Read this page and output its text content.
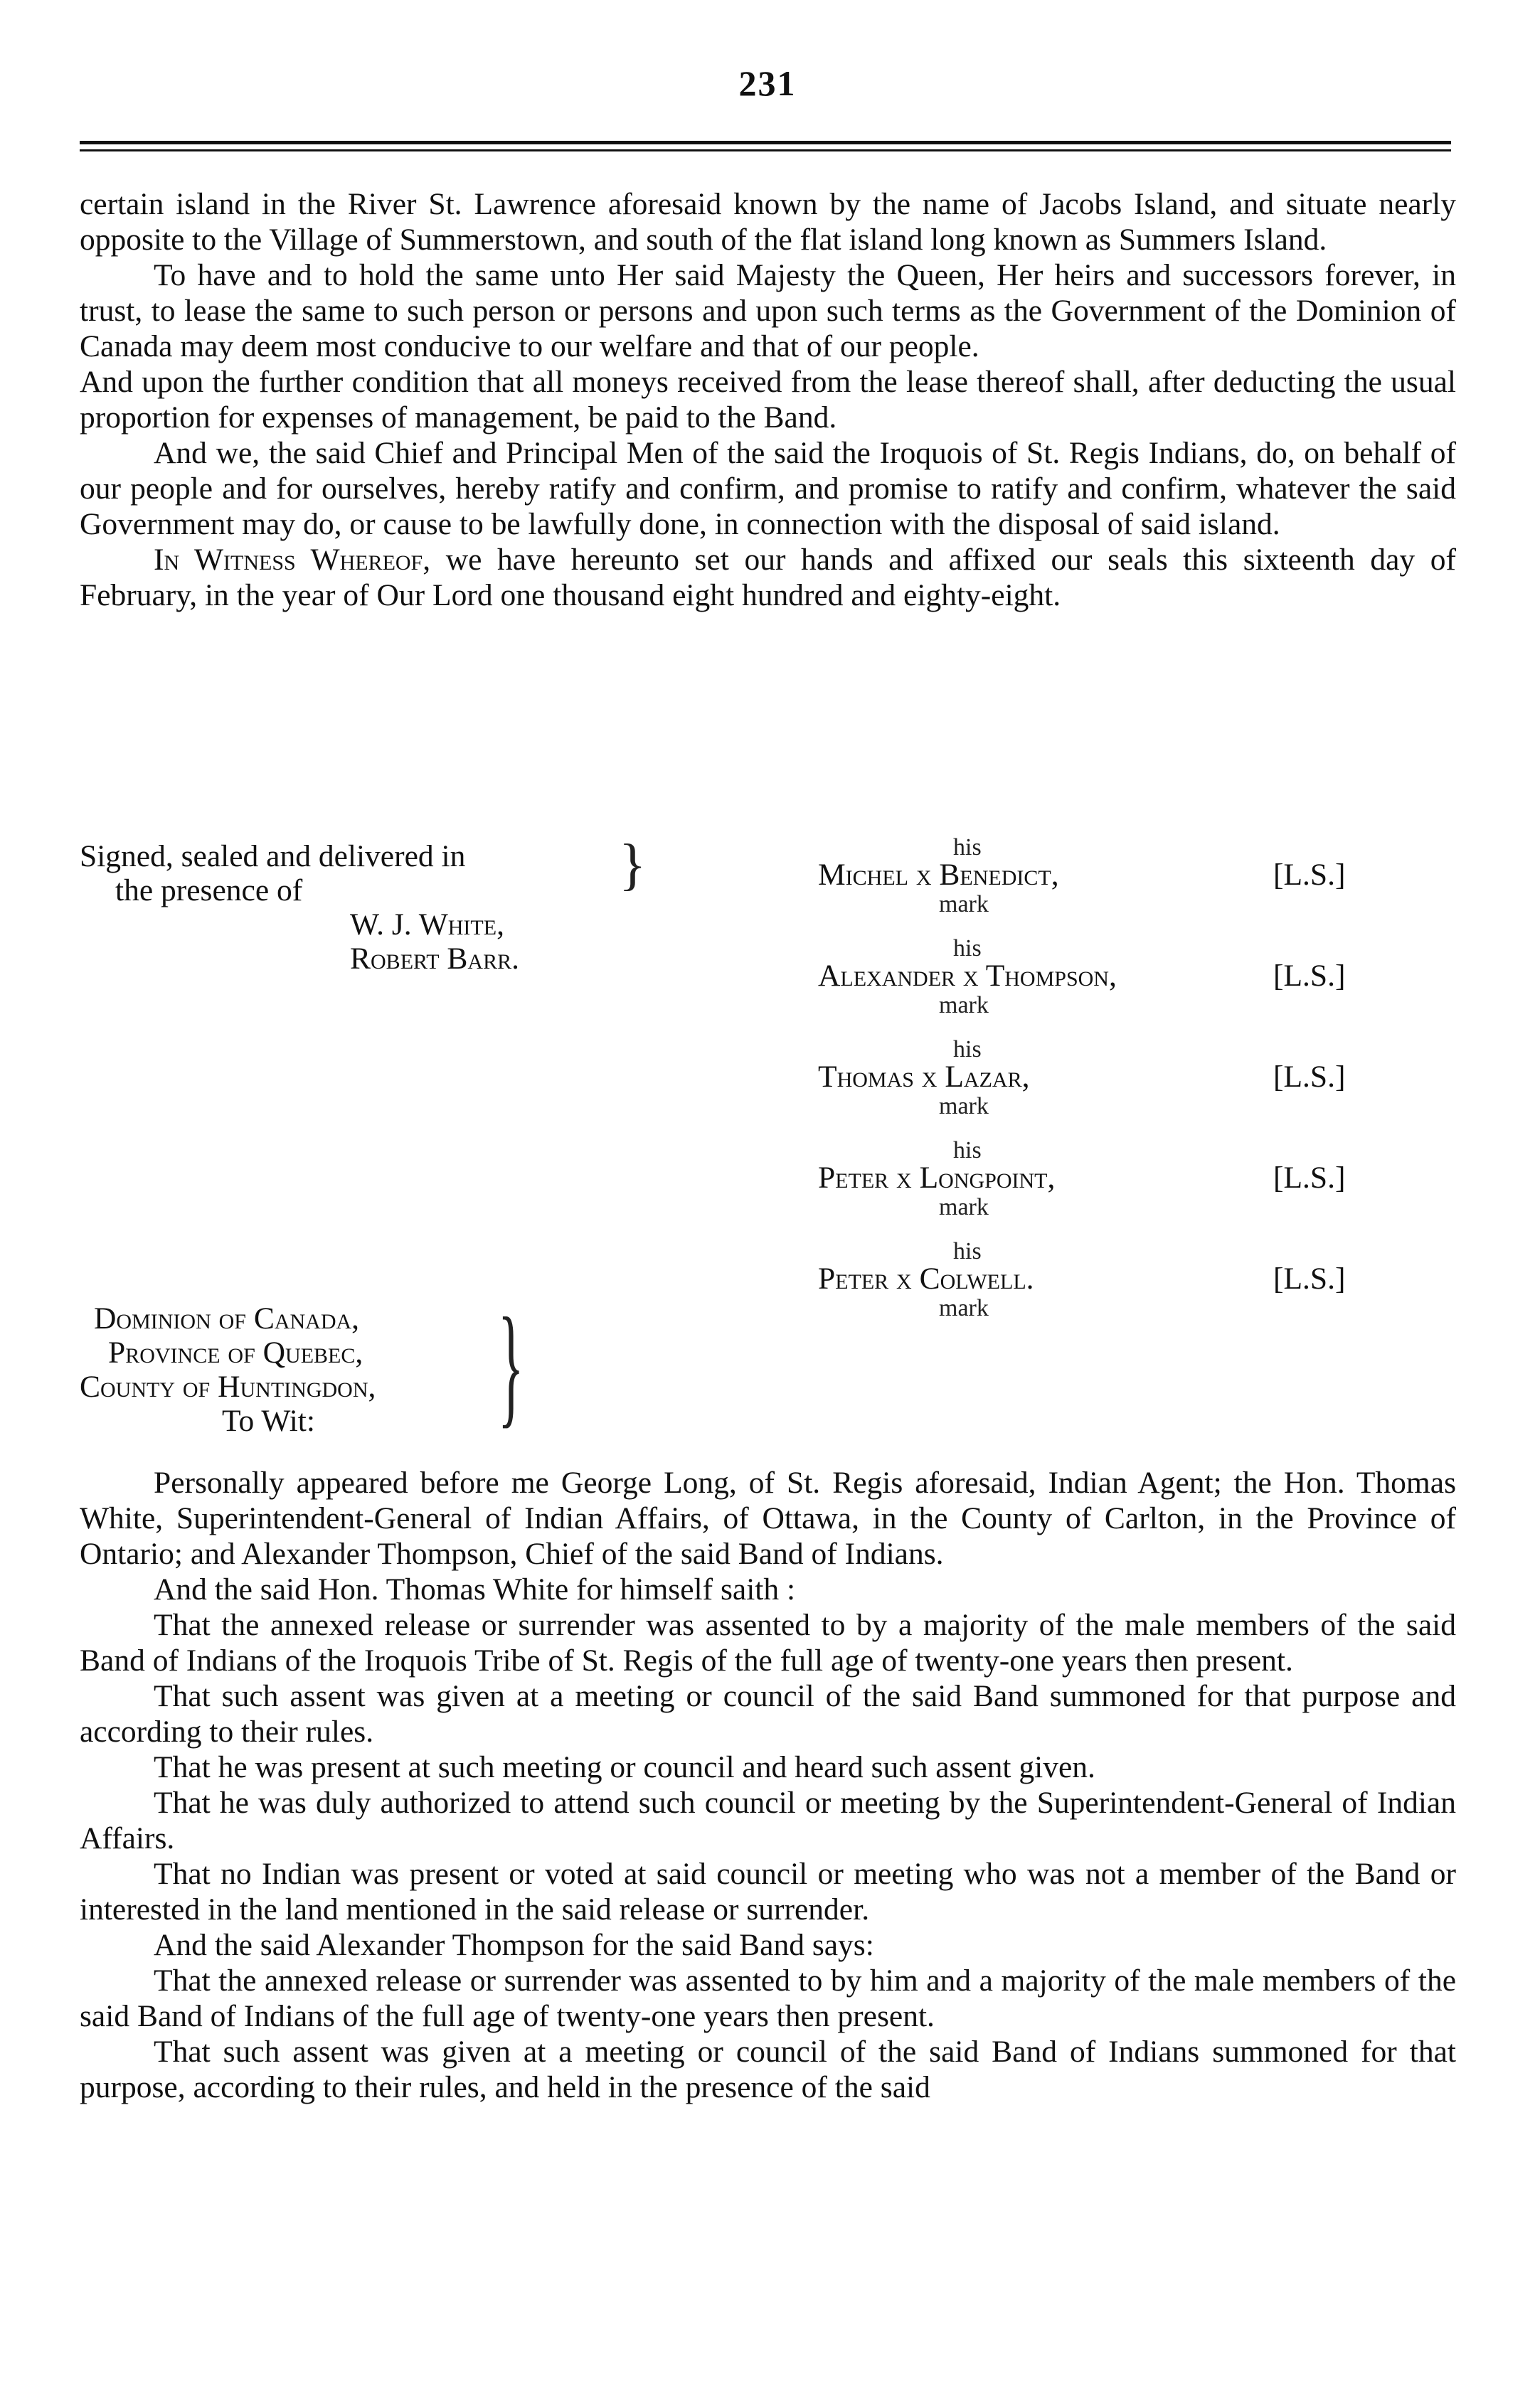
231

certain island in the River St. Lawrence aforesaid known by the name of Jacobs Island, and situate nearly opposite to the Village of Summerstown, and south of the flat island long known as Summers Island.

To have and to hold the same unto Her said Majesty the Queen, Her heirs and successors forever, in trust, to lease the same to such person or persons and upon such terms as the Government of the Dominion of Canada may deem most conducive to our welfare and that of our people.

And upon the further condition that all moneys received from the lease thereof shall, after deducting the usual proportion for expenses of management, be paid to the Band.

And we, the said Chief and Principal Men of the said the Iroquois of St. Regis Indians, do, on behalf of our people and for ourselves, hereby ratify and confirm, and promise to ratify and confirm, whatever the said Government may do, or cause to be lawfully done, in connection with the disposal of said island.

In Witness Whereof, we have hereunto set our hands and affixed our seals this sixteenth day of February, in the year of Our Lord one thousand eight hundred and eighty-eight.

Signed, sealed and delivered in
the presence of
W. J. White,
Robert Barr.
}	his
Michel x Benedict,	[L.S.]
mark
his
Alexander x Thompson,	[L.S.]
mark
his
Thomas x Lazar,	[L.S.]
mark
his
Peter x Longpoint,	[L.S.]
mark
his
Peter x Colwell.	[L.S.]
mark
Dominion of Canada,
Province of Quebec,
County of Huntingdon,
To Wit:	}

Personally appeared before me George Long, of St. Regis aforesaid, Indian Agent; the Hon. Thomas White, Superintendent-General of Indian Affairs, of Ottawa, in the County of Carlton, in the Province of Ontario; and Alexander Thompson, Chief of the said Band of Indians.

And the said Hon. Thomas White for himself saith :

That the annexed release or surrender was assented to by a majority of the male members of the said Band of Indians of the Iroquois Tribe of St. Regis of the full age of twenty-one years then present.

That such assent was given at a meeting or council of the said Band summoned for that purpose and according to their rules.

That he was present at such meeting or council and heard such assent given.

That he was duly authorized to attend such council or meeting by the Superintendent-General of Indian Affairs.

That no Indian was present or voted at said council or meeting who was not a member of the Band or interested in the land mentioned in the said release or surrender.

And the said Alexander Thompson for the said Band says:

That the annexed release or surrender was assented to by him and a majority of the male members of the said Band of Indians of the full age of twenty-one years then present.

That such assent was given at a meeting or council of the said Band of Indians summoned for that purpose, according to their rules, and held in the presence of the said
